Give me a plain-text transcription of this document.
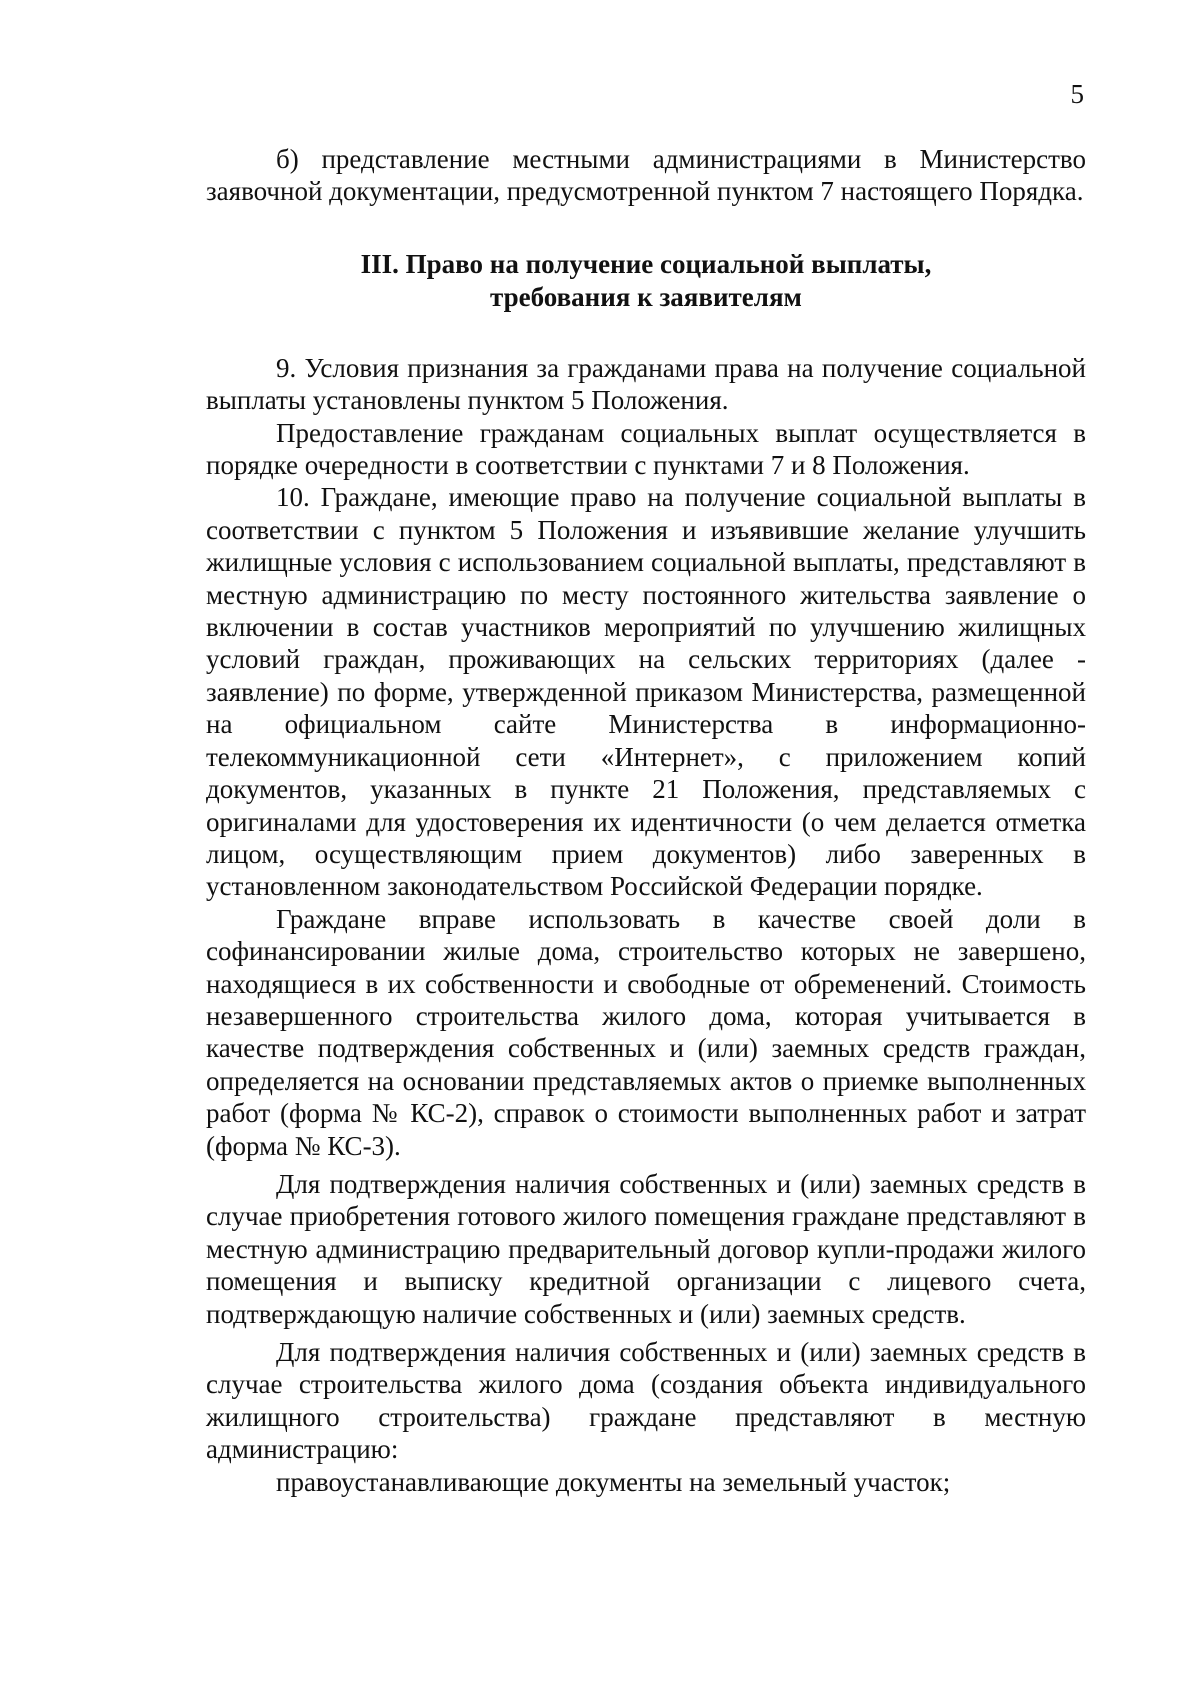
5

б) представление местными администрациями в Министерство заявочной документации, предусмотренной пунктом 7 настоящего Порядка.

III. Право на получение социальной выплаты,
требования к заявителям

9. Условия признания за гражданами права на получение социальной выплаты установлены пунктом 5 Положения.

Предоставление гражданам социальных выплат осуществляется в порядке очередности в соответствии с пунктами 7 и 8 Положения.

10. Граждане, имеющие право на получение социальной выплаты в соответствии с пунктом 5 Положения и изъявившие желание улучшить жилищные условия с использованием социальной выплаты, представляют в местную администрацию по месту постоянного жительства заявление о включении в состав участников мероприятий по улучшению жилищных условий граждан, проживающих на сельских территориях (далее - заявление) по форме, утвержденной приказом Министерства, размещенной на официальном сайте Министерства в информационно-телекоммуникационной сети «Интернет», с приложением копий документов, указанных в пункте 21 Положения, представляемых с оригиналами для удостоверения их идентичности (о чем делается отметка лицом, осуществляющим прием документов) либо заверенных в установленном законодательством Российской Федерации порядке.

Граждане вправе использовать в качестве своей доли в софинансировании жилые дома, строительство которых не завершено, находящиеся в их собственности и свободные от обременений. Стоимость незавершенного строительства жилого дома, которая учитывается в качестве подтверждения собственных и (или) заемных средств граждан, определяется на основании представляемых актов о приемке выполненных работ (форма № КС-2), справок о стоимости выполненных работ и затрат (форма № КС-3).

Для подтверждения наличия собственных и (или) заемных средств в случае приобретения готового жилого помещения граждане представляют в местную администрацию предварительный договор купли-продажи жилого помещения и выписку кредитной организации с лицевого счета, подтверждающую наличие собственных и (или) заемных средств.

Для подтверждения наличия собственных и (или) заемных средств в случае строительства жилого дома (создания объекта индивидуального жилищного строительства) граждане представляют в местную администрацию:

правоустанавливающие документы на земельный участок;
